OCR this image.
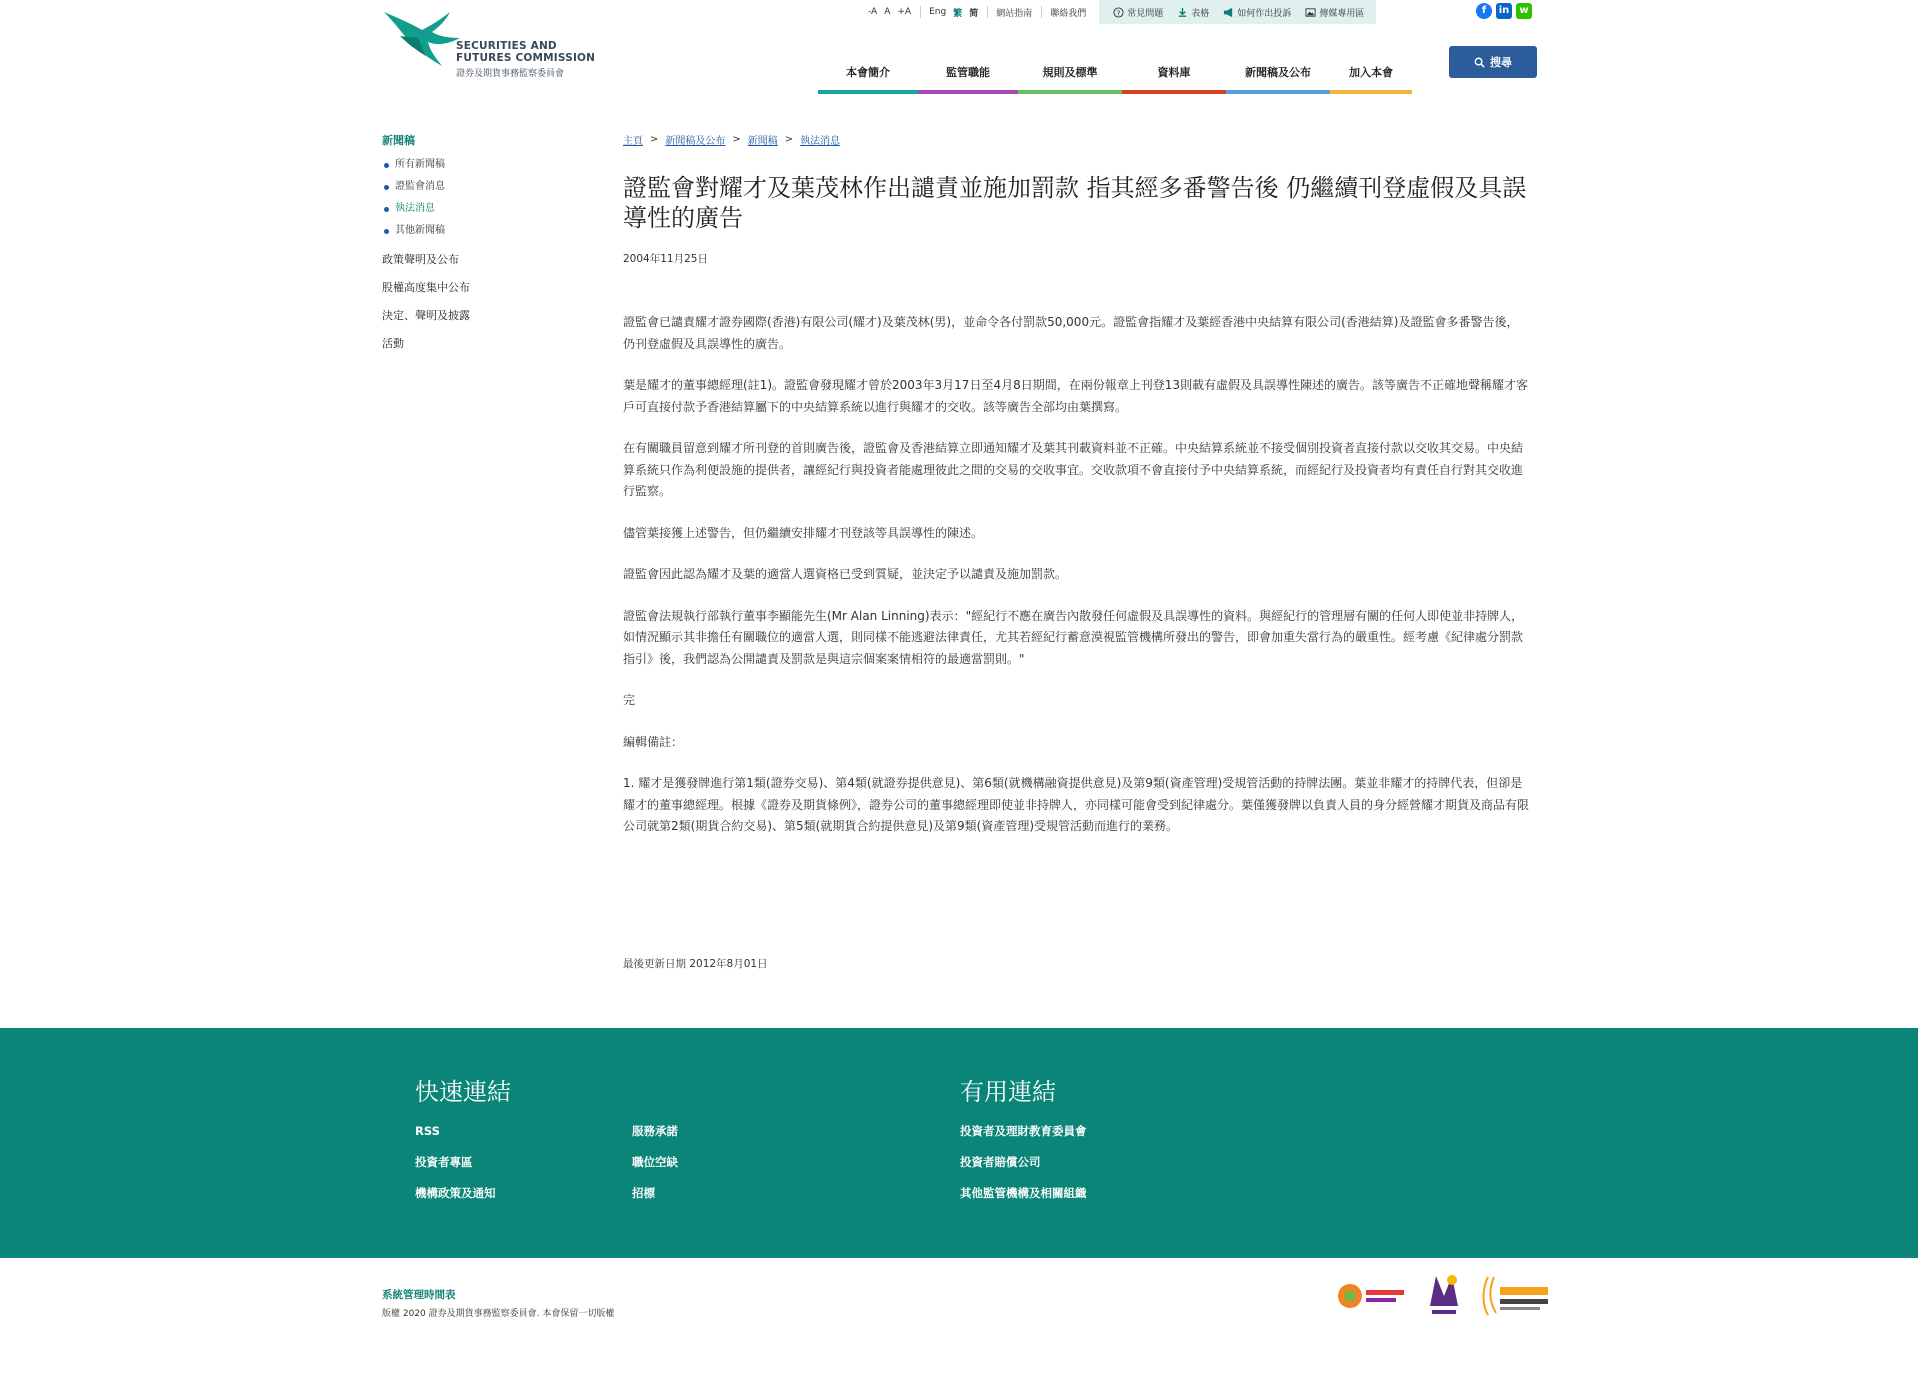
SECURITIES AND
FUTURES COMMISSION
證券及期貨事務監察委員會
-A A +A Eng 繁 简 網站指南 聯絡我們	? 常見問題	表格	如何作出投訴	傳媒專用區	f	in	w
本會簡介	監管職能	規則及標準	資料庫	新聞稿及公布	加入本會
搜尋
新聞稿
所有新聞稿
證監會消息
執法消息
其他新聞稿
政策聲明及公布
股權高度集中公布
決定、聲明及披露
活動
主頁 > 新聞稿及公布 > 新聞稿 > 執法消息
證監會對耀才及葉茂林作出譴責並施加罰款 指其經多番警告後 仍繼續刊登虛假及具誤導性的廣告
2004年11月25日

證監會已譴責耀才證券國際(香港)有限公司(耀才)及葉茂林(男)，並命令各付罰款50,000元。證監會指耀才及葉經香港中央結算有限公司(香港結算)及證監會多番警告後，仍刊登虛假及具誤導性的廣告。

葉是耀才的董事總經理(註1)。證監會發現耀才曾於2003年3月17日至4月8日期間，在兩份報章上刊登13則載有虛假及具誤導性陳述的廣告。該等廣告不正確地聲稱耀才客戶可直接付款予香港結算屬下的中央結算系統以進行與耀才的交收。該等廣告全部均由葉撰寫。

在有關職員留意到耀才所刊登的首則廣告後，證監會及香港結算立即通知耀才及葉其刊載資料並不正確。中央結算系統並不接受個別投資者直接付款以交收其交易。中央結算系統只作為利便設施的提供者，讓經紀行與投資者能處理彼此之間的交易的交收事宜。交收款項不會直接付予中央結算系統，而經紀行及投資者均有責任自行對其交收進行監察。

儘管葉接獲上述警告，但仍繼續安排耀才刊登該等具誤導性的陳述。

證監會因此認為耀才及葉的適當人選資格已受到質疑，並決定予以譴責及施加罰款。

證監會法規執行部執行董事李顯能先生(Mr Alan Linning)表示："經紀行不應在廣告內散發任何虛假及具誤導性的資料。與經紀行的管理層有關的任何人即使並非持牌人，如情況顯示其非擔任有關職位的適當人選，則同樣不能逃避法律責任，尤其若經紀行蓄意漠視監管機構所發出的警告，即會加重失當行為的嚴重性。經考慮《紀律處分罰款指引》後，我們認為公開譴責及罰款是與這宗個案案情相符的最適當罰則。"

完

編輯備註：

1. 耀才是獲發牌進行第1類(證券交易)、第4類(就證券提供意見)、第6類(就機構融資提供意見)及第9類(資產管理)受規管活動的持牌法團。葉並非耀才的持牌代表，但卻是耀才的董事總經理。根據《證券及期貨條例》，證券公司的董事總經理即使並非持牌人，亦同樣可能會受到紀律處分。葉僅獲發牌以負責人員的身分經營耀才期貨及商品有限公司就第2類(期貨合約交易)、第5類(就期貨合約提供意見)及第9類(資產管理)受規管活動而進行的業務。

最後更新日期 2012年8月01日
快速連結
RSS	服務承諾
投資者專區	職位空缺
機構政策及通知	招標
有用連結
投資者及理財教育委員會
投資者賠償公司
其他監管機構及相關組織
系統管理時間表
版權 2020 證券及期貨事務監察委員會. 本會保留一切版權
